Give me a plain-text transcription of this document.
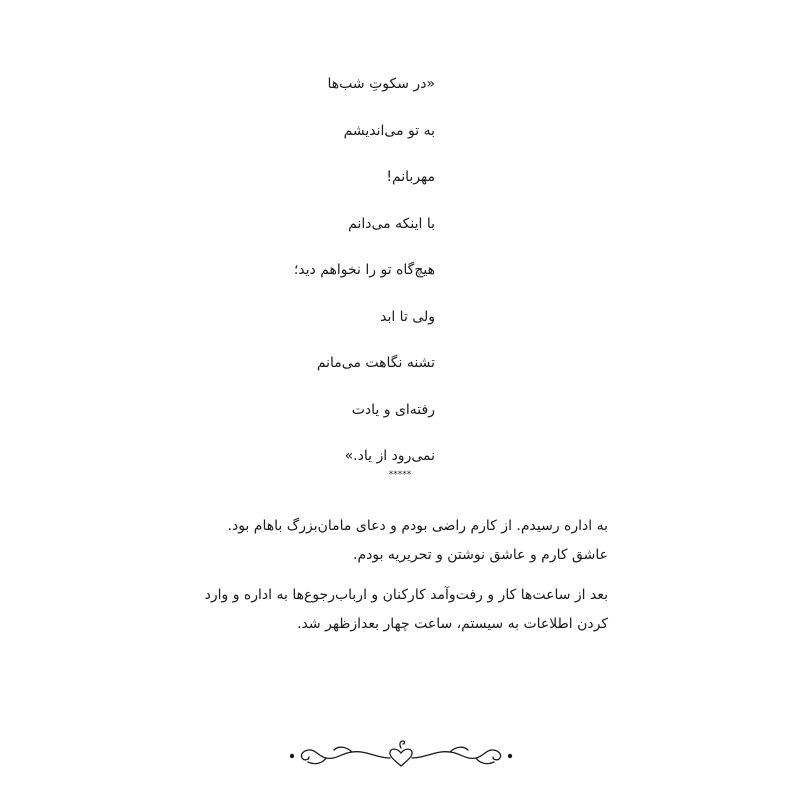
«در سکوتِ شب‌ها
به تو می‌اندیشم
مهربانم!
با اینکه می‌دانم
هیچ‌گاه تو را نخواهم دید؛
ولی تا ابد
تشنه نگاهت می‌مانم
رفته‌ای و یادت
نمی‌رود از یاد.»
*****

به اداره رسیدم. از کارم راضی بودم و دعای مامان‌بزرگ باهام بود. عاشق کارم و عاشق نوشتن و تحریریه بودم.

بعد از ساعت‌ها کار و رفت‌وآمد کارکنان و ارباب‌رجوع‌ها به اداره و وارد کردن اطلاعات به سیستم، ساعت چهار بعدازظهر شد.
